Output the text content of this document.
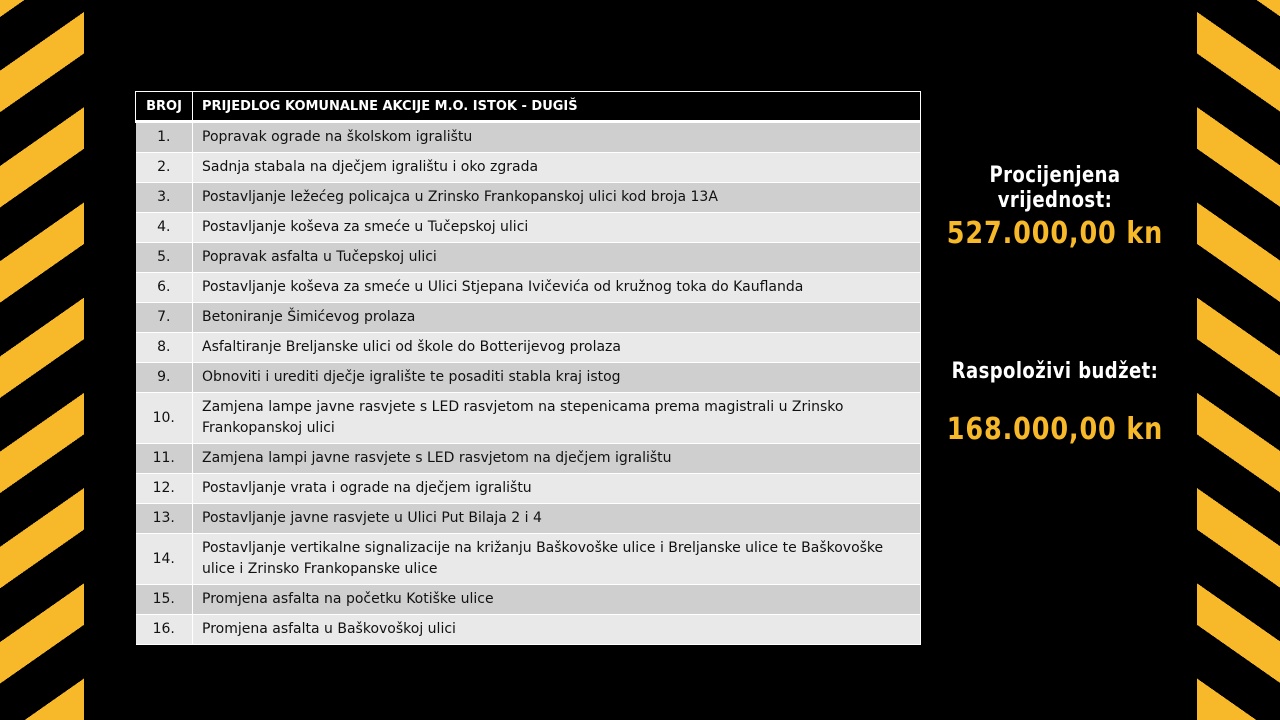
BROJ	PRIJEDLOG KOMUNALNE AKCIJE M.O. ISTOK - DUGIŠ
1.	Popravak ograde na školskom igralištu
2.	Sadnja stabala na dječjem igralištu i oko zgrada
3.	Postavljanje ležećeg policajca u Zrinsko Frankopanskoj ulici kod broja 13A
4.	Postavljanje koševa za smeće u Tučepskoj ulici
5.	Popravak asfalta u Tučepskoj ulici
6.	Postavljanje koševa za smeće u Ulici Stjepana Ivičevića od kružnog toka do Kauflanda
7.	Betoniranje Šimićevog prolaza
8.	Asfaltiranje Breljanske ulici od škole do Botterijevog prolaza
9.	Obnoviti i urediti dječje igralište te posaditi stabla kraj istog
10.	Zamjena lampe javne rasvjete s LED rasvjetom na stepenicama prema magistrali u Zrinsko Frankopanskoj ulici
11.	Zamjena lampi javne rasvjete s LED rasvjetom na dječjem igralištu
12.	Postavljanje vrata i ograde na dječjem igralištu
13.	Postavljanje javne rasvjete u Ulici Put Bilaja 2 i 4
14.	Postavljanje vertikalne signalizacije na križanju Baškovoške ulice i Breljanske ulice te Baškovoške ulice i Zrinsko Frankopanske ulice
15.	Promjena asfalta na početku Kotiške ulice
16.	Promjena asfalta u Baškovoškoj ulici
Procijenjena vrijednost:
527.000,00 kn
Raspoloživi budžet:
168.000,00 kn
